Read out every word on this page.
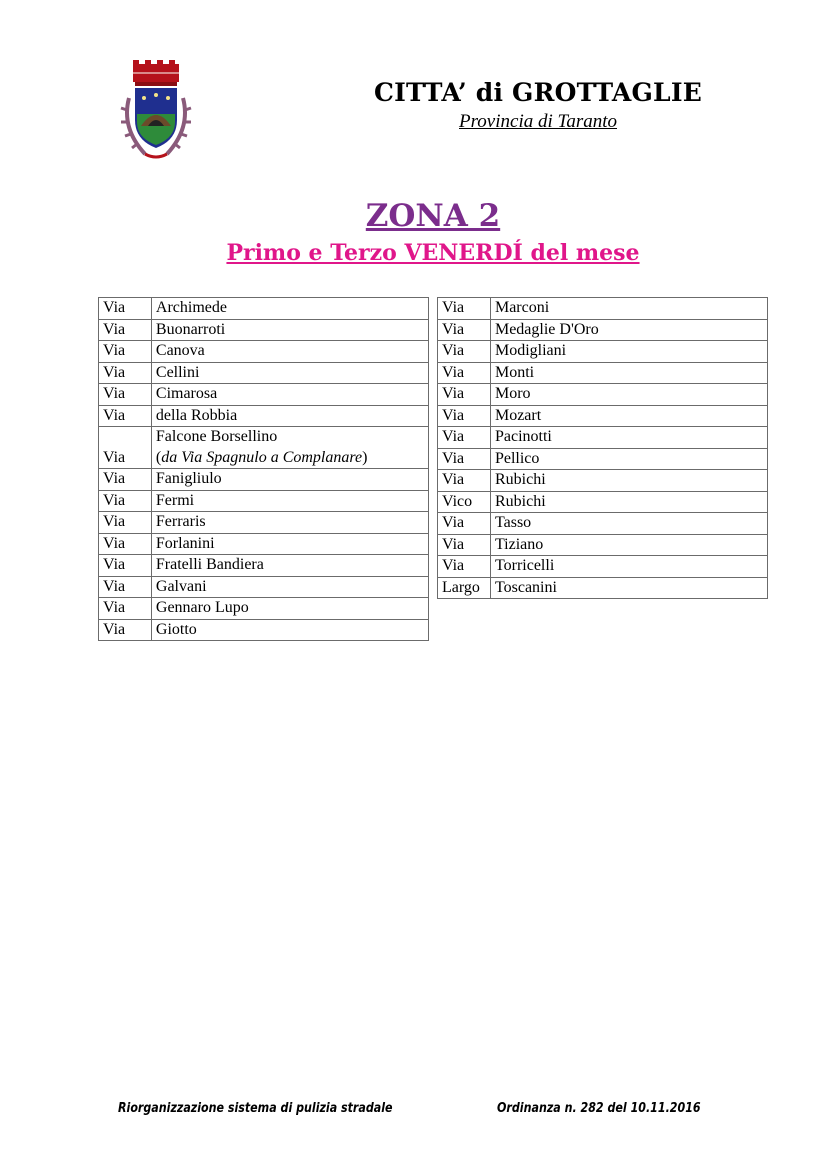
CITTA’ di GROTTAGLIE
Provincia di Taranto
ZONA 2
Primo e Terzo VENERDÍ del mese
Via	Archimede
Via	Buonarroti
Via	Canova
Via	Cellini
Via	Cimarosa
Via	della Robbia
Via	Falcone Borsellino
(da Via Spagnulo a Complanare)

Via	Fanigliulo
Via	Fermi
Via	Ferraris
Via	Forlanini
Via	Fratelli Bandiera
Via	Galvani
Via	Gennaro Lupo
Via	Giotto
Via	Marconi
Via	Medaglie D'Oro
Via	Modigliani
Via	Monti
Via	Moro
Via	Mozart
Via	Pacinotti
Via	Pellico
Via	Rubichi
Vico	Rubichi
Via	Tasso
Via	Tiziano
Via	Torricelli
Largo	Toscanini
Riorganizzazione sistema di pulizia stradale	Ordinanza n. 282 del 10.11.2016
